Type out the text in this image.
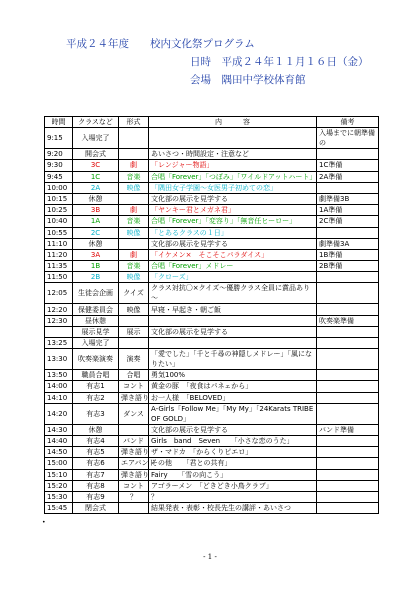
平成２４年度　　校内文化祭プログラム
日時　平成２４年１１月１６日（金）
会場　隅田中学校体育館
時間	クラスなど	形式	内　　　容	備考
9:15	入場完了			入場までに朝準備の
9:20	開会式		あいさつ・時間設定・注意など	
9:30	3C	劇	「レンジャー物語」	1C準備
9:45	1C	音楽	合唱「Forever」「つぼみ」「ワイルドアットハート」	2A準備
10:00	2A	映像	「隅田女子学園～女医男子初めての恋」	
10:15	休憩		文化部の展示を見学する	劇準備3B
10:25	3B	劇	「ヤンキー君とメガネ君」	1A準備
10:40	1A	音楽	合唱「Forever」「変容り」「無音任ヒーロー」	2C準備
10:55	2C	映像	「とあるクラスの１日」	
11:10	休憩		文化部の展示を見学する	劇準備3A
11:20	3A	劇	「イケメン×　そこそこパラダイス」	1B準備
11:35	1B	音楽	合唱「Forever」メドレー	2B準備
11:50	2B	映像	「クローズ」	
12:05	生徒会企画	クイズ	クラス対抗〇×クイズ～優勝クラス全員に賞品あり～	
12:20	保健委員会	映像	早寝・早起き・朝ご飯	
12:30	昼休憩			吹奏楽準備
	展示見学	展示	文化部の展示を見学する	
13:25	入場完了			
13:30	吹奏楽演奏	演奏	「愛でした」「千と千尋の神隠しメドレー」「風になりたい」	
13:50	職員合唱	合唱	勇気100%	
14:00	有志1	コント	黄金の豚　「夜食はパネェから」	
14:10	有志2	弾き語り	お一人様　「BELOVED」	
14:20	有志3	ダンス	A-Girls「Follow Me」「My My」「24Karats TRIBE OF GOLD」	
14:30	休憩		文化部の展示を見学する	バンド準備
14:40	有志4	バンド	Girls　band　Seven　　「小さな恋のうた」	
14:50	有志5	弾き語り	ザ・マドカ　「からくりピエロ」	
15:00	有志6	エアバンド	その他　　「君との共有」	
15:10	有志7	弾き語り	Fairy　　「雪の向こう」	
15:20	有志8	コント	アゴラーメン　「どきどき小鳥クラブ」	
15:30	有志9	？	？	
15:45	閉会式		結果発表・表彰・校長先生の講評・あいさつ	
•
- 1 -
